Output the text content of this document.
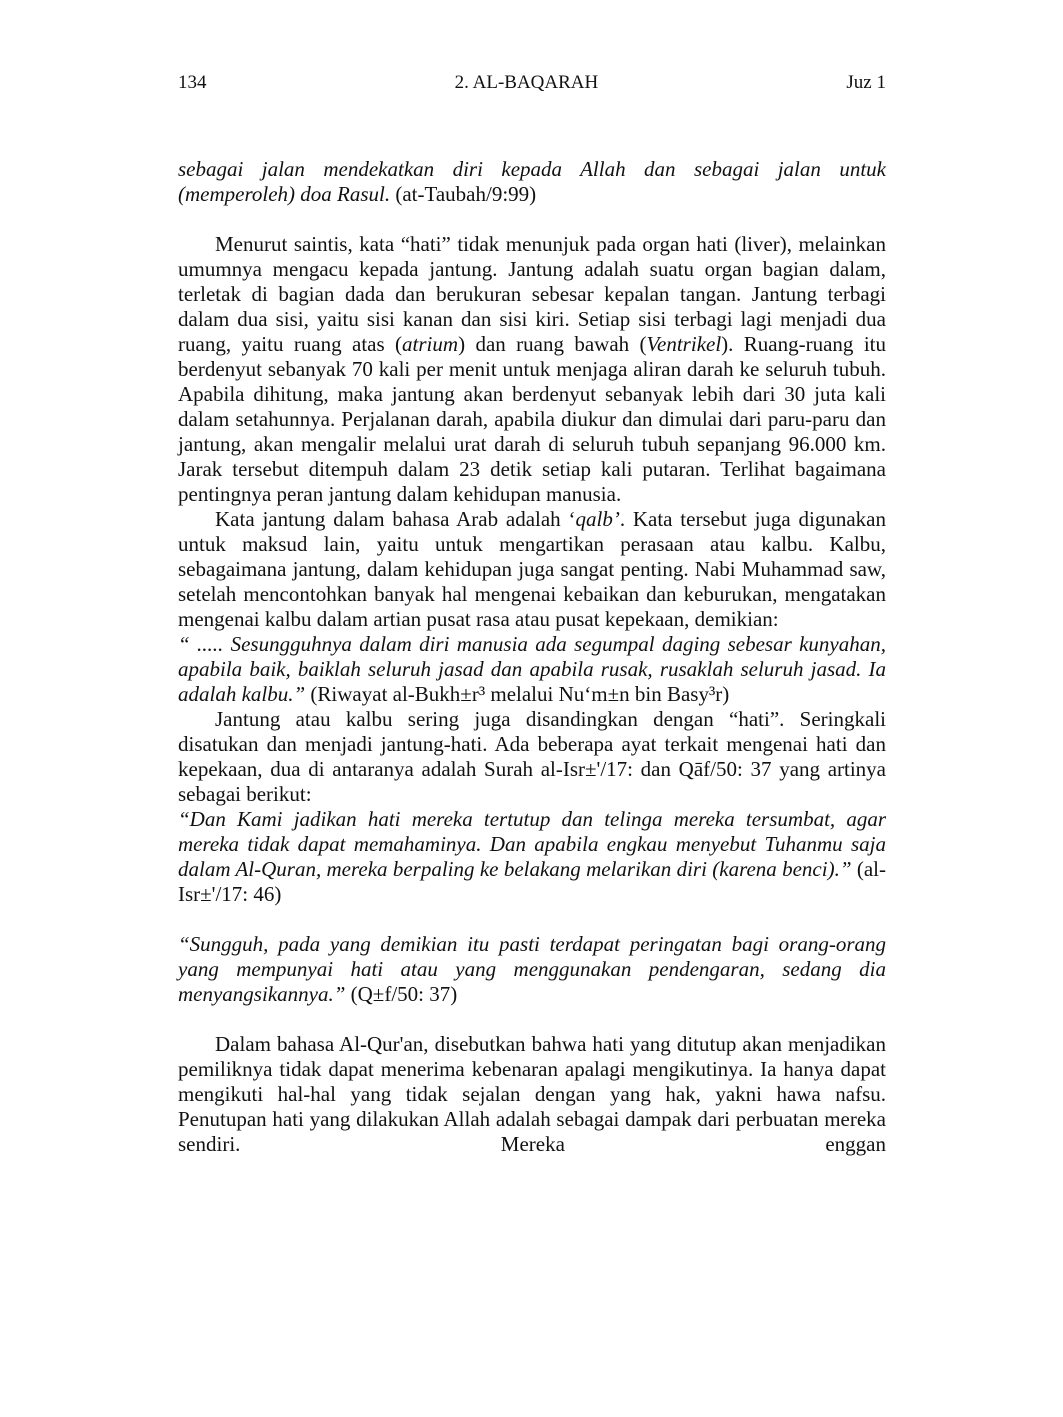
134	2. AL-BAQARAH	Juz 1

sebagai jalan mendekatkan diri kepada Allah dan sebagai jalan untuk (memperoleh) doa Rasul. (at-Taubah/9:99)

Menurut saintis, kata “hati” tidak menunjuk pada organ hati (liver), melainkan umumnya mengacu kepada jantung. Jantung adalah suatu organ bagian dalam, terletak di bagian dada dan berukuran sebesar kepalan tangan. Jantung terbagi dalam dua sisi, yaitu sisi kanan dan sisi kiri. Setiap sisi terbagi lagi menjadi dua ruang, yaitu ruang atas (atrium) dan ruang bawah (Ventrikel). Ruang-ruang itu berdenyut sebanyak 70 kali per menit untuk menjaga aliran darah ke seluruh tubuh. Apabila dihitung, maka jantung akan berdenyut sebanyak lebih dari 30 juta kali dalam setahunnya. Perjalanan darah, apabila diukur dan dimulai dari paru-paru dan jantung, akan mengalir melalui urat darah di seluruh tubuh sepanjang 96.000 km. Jarak tersebut ditempuh dalam 23 detik setiap kali putaran. Terlihat bagaimana pentingnya peran jantung dalam kehidupan manusia.

Kata jantung dalam bahasa Arab adalah ‘qalb’. Kata tersebut juga digunakan untuk maksud lain, yaitu untuk mengartikan perasaan atau kalbu. Kalbu, sebagaimana jantung, dalam kehidupan juga sangat penting. Nabi Muhammad saw, setelah mencontohkan banyak hal mengenai kebaikan dan keburukan, mengatakan mengenai kalbu dalam artian pusat rasa atau pusat kepekaan, demikian:

“ ..... Sesungguhnya dalam diri manusia ada segumpal daging sebesar kunyahan, apabila baik, baiklah seluruh jasad dan apabila rusak, rusaklah seluruh jasad. Ia adalah kalbu.” (Riwayat al-Bukh±r³ melalui Nu‘m±n bin Basy³r)

Jantung atau kalbu sering juga disandingkan dengan “hati”. Seringkali disatukan dan menjadi jantung-hati. Ada beberapa ayat terkait mengenai hati dan kepekaan, dua di antaranya adalah Surah al-Isr±'/17: dan Qāf/50: 37 yang artinya sebagai berikut:

“Dan Kami jadikan hati mereka tertutup dan telinga mereka tersumbat, agar mereka tidak dapat memahaminya. Dan apabila engkau menyebut Tuhanmu saja dalam Al-Quran, mereka berpaling ke belakang melarikan diri (karena benci).” (al-Isr±'/17: 46)

“Sungguh, pada yang demikian itu pasti terdapat peringatan bagi orang-orang yang mempunyai hati atau yang menggunakan pendengaran, sedang dia menyangsikannya.” (Q±f/50: 37)

Dalam bahasa Al-Qur'an, disebutkan bahwa hati yang ditutup akan menjadikan pemiliknya tidak dapat menerima kebenaran apalagi mengikutinya. Ia hanya dapat mengikuti hal-hal yang tidak sejalan dengan yang hak, yakni hawa nafsu. Penutupan hati yang dilakukan Allah adalah sebagai dampak dari perbuatan mereka sendiri. Mereka enggan
